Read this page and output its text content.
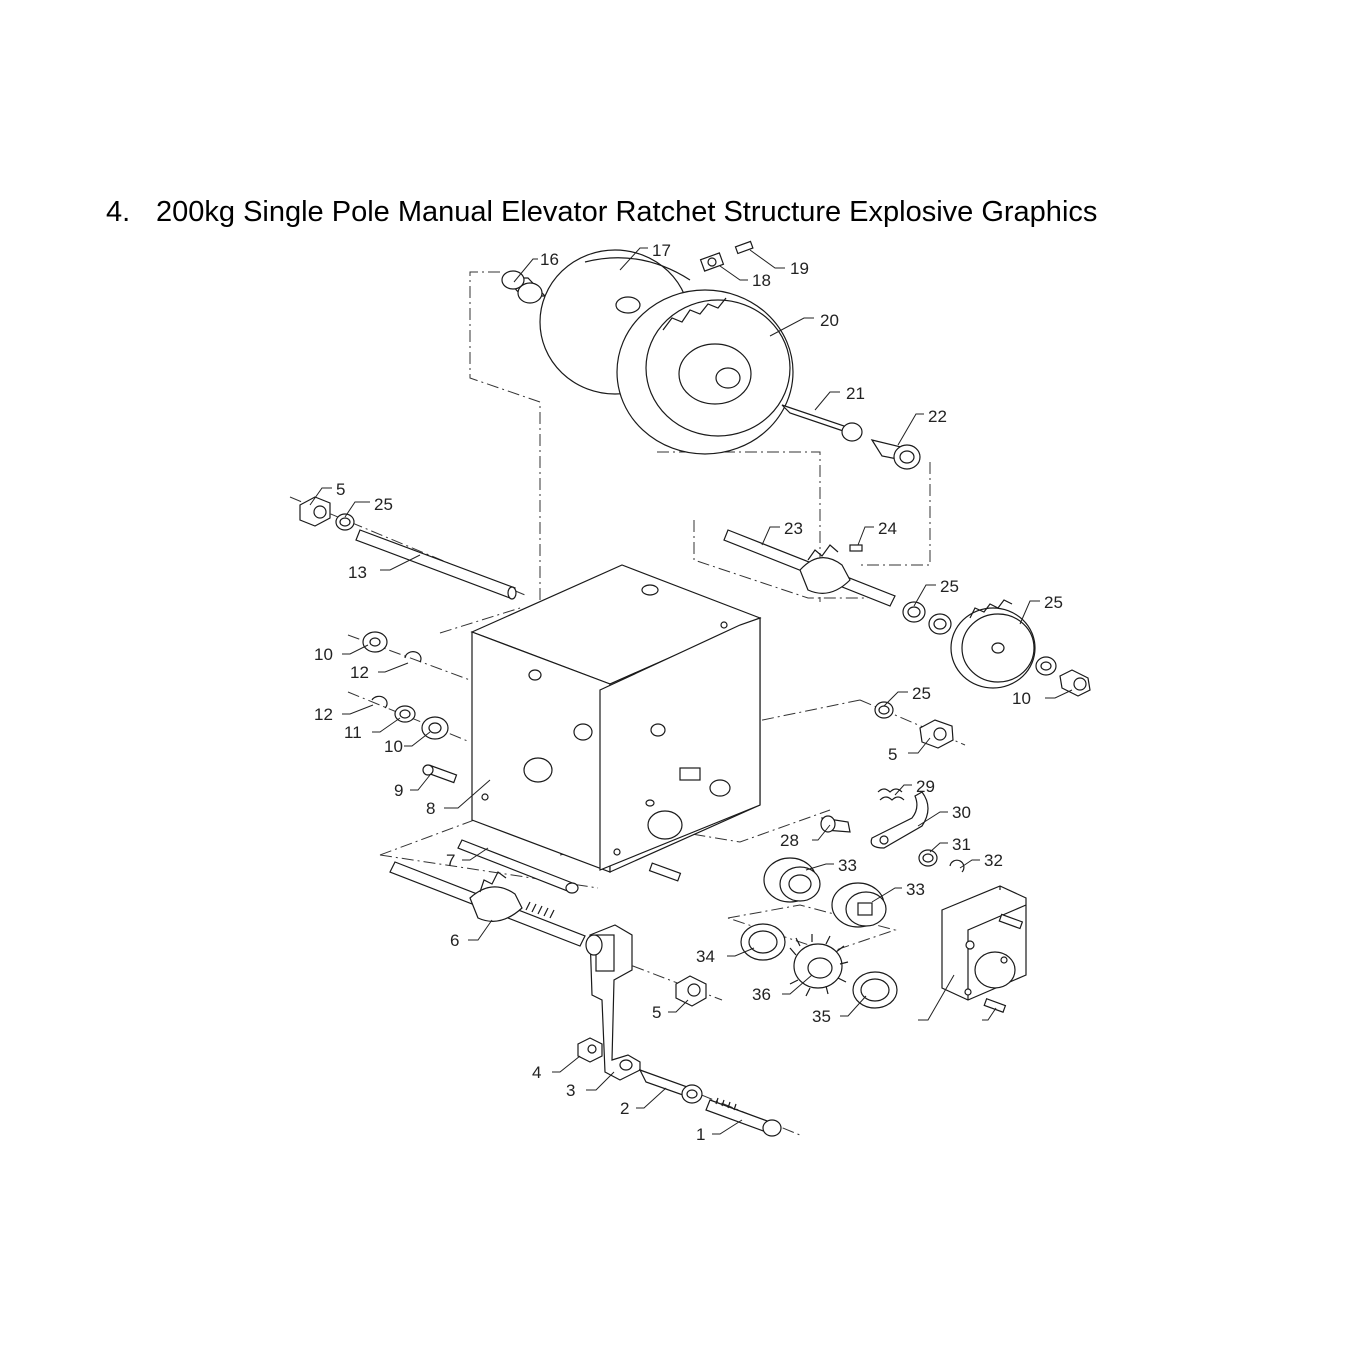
4. 200kg Single Pole Manual Elevator Ratchet Structure Explosive Graphics
16	17
18
19
20
21
22
5
25
13
23	24
25
25
10
10
12
12
11
10
9
8
25
5
29
30
28	31
32
33
33
34
36
35
7
6
5
4
3
2
1
